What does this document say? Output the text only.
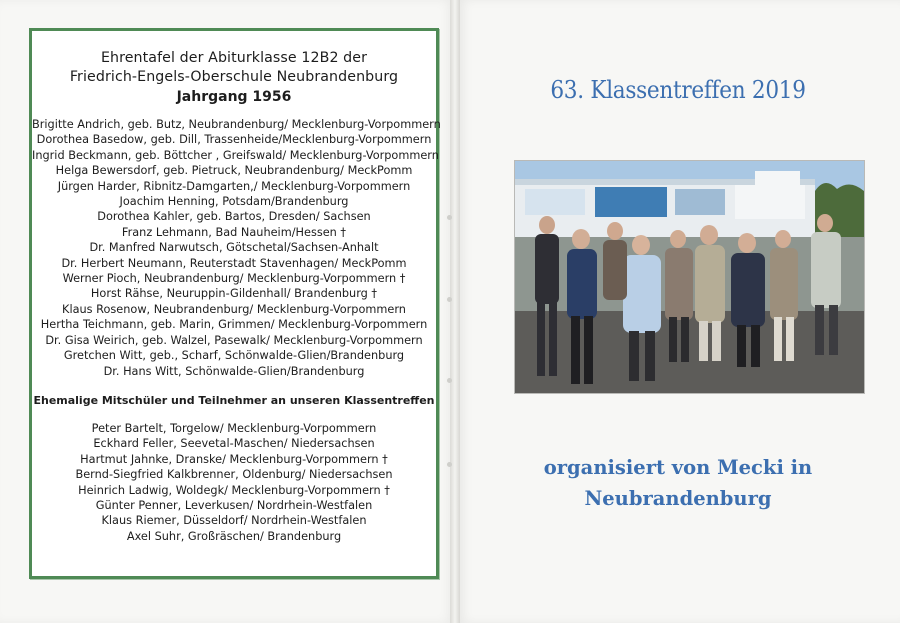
Ehrentafel der Abiturklasse 12B2 der
Friedrich-Engels-Oberschule Neubrandenburg
Jahrgang 1956
Brigitte Andrich, geb. Butz, Neubrandenburg/ Mecklenburg-Vorpommern
Dorothea Basedow, geb. Dill, Trassenheide/Mecklenburg-Vorpommern
Ingrid Beckmann, geb. Böttcher , Greifswald/ Mecklenburg-Vorpommern
Helga Bewersdorf, geb. Pietruck, Neubrandenburg/ MeckPomm
Jürgen Harder, Ribnitz-Damgarten,/ Mecklenburg-Vorpommern
Joachim Henning, Potsdam/Brandenburg
Dorothea Kahler, geb. Bartos, Dresden/ Sachsen
Franz Lehmann, Bad Nauheim/Hessen †
Dr. Manfred Narwutsch, Götschetal/Sachsen-Anhalt
Dr. Herbert Neumann, Reuterstadt Stavenhagen/ MeckPomm
Werner Pioch, Neubrandenburg/ Mecklenburg-Vorpommern †
Horst Rähse, Neuruppin-Gildenhall/ Brandenburg †
Klaus Rosenow, Neubrandenburg/ Mecklenburg-Vorpommern
Hertha Teichmann, geb. Marin, Grimmen/ Mecklenburg-Vorpommern
Dr. Gisa Weirich, geb. Walzel, Pasewalk/ Mecklenburg-Vorpommern
Gretchen Witt, geb., Scharf, Schönwalde-Glien/Brandenburg
Dr. Hans Witt, Schönwalde-Glien/Brandenburg
Ehemalige Mitschüler und Teilnehmer an unseren Klassentreffen
Peter Bartelt, Torgelow/ Mecklenburg-Vorpommern
Eckhard Feller, Seevetal-Maschen/ Niedersachsen
Hartmut Jahnke, Dranske/ Mecklenburg-Vorpommern †
Bernd-Siegfried Kalkbrenner, Oldenburg/ Niedersachsen
Heinrich Ladwig, Woldegk/ Mecklenburg-Vorpommern †
Günter Penner, Leverkusen/ Nordrhein-Westfalen
Klaus Riemer, Düsseldorf/ Nordrhein-Westfalen
Axel Suhr, Großräschen/ Brandenburg
63. Klassentreffen 2019
organisiert von Mecki in
Neubrandenburg
